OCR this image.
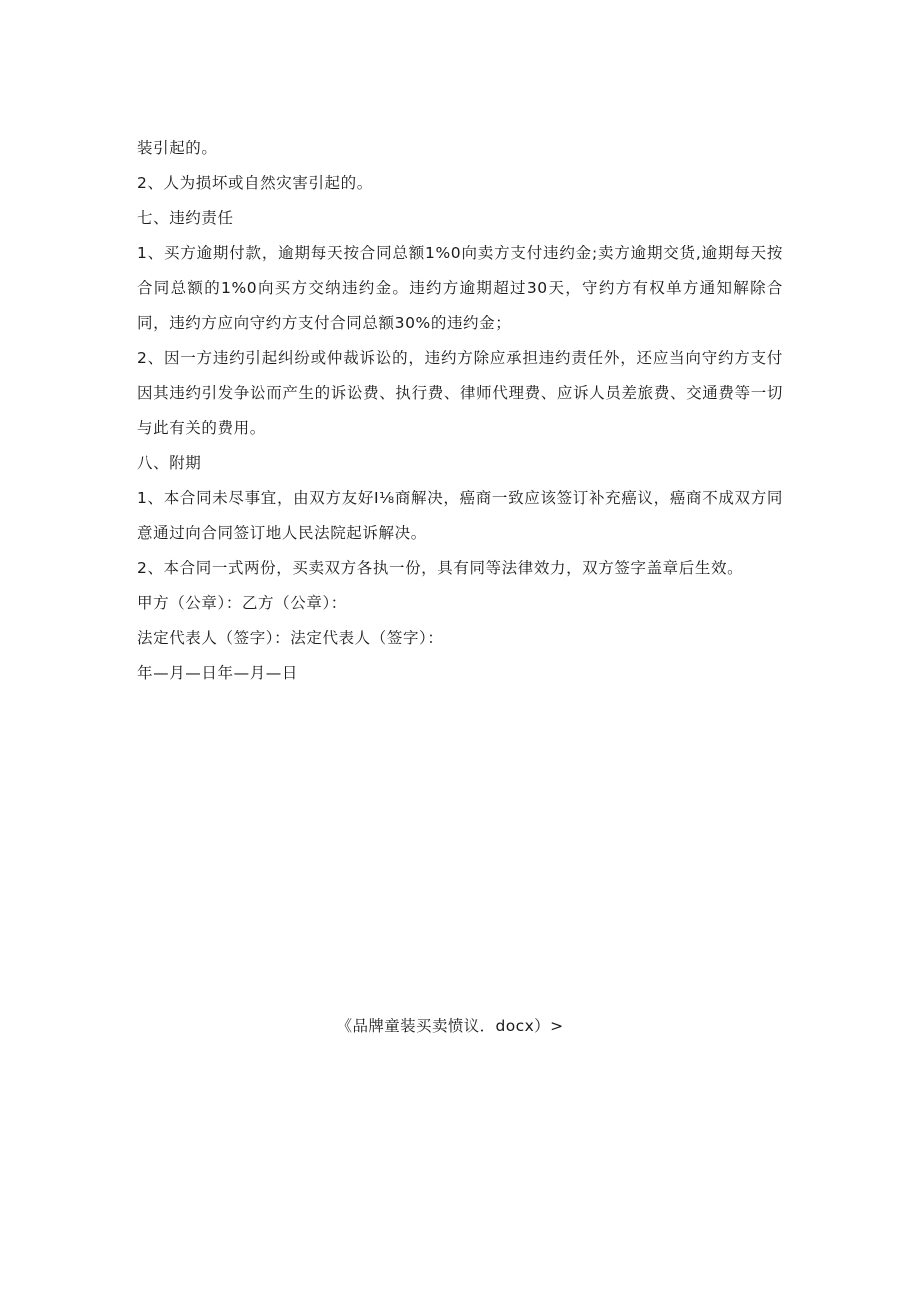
装引起的。

2、人为损坏或自然灾害引起的。

七、违约责任

1、买方逾期付款，逾期每天按合同总额1%0向卖方支付违约金;卖方逾期交货,逾期每天按合同总额的1%0向买方交纳违约金。违约方逾期超过30天，守约方有权单方通知解除合同，违约方应向守约方支付合同总额30%的违约金；

2、因一方违约引起纠纷或仲裁诉讼的，违约方除应承担违约责任外，还应当向守约方支付因其违约引发争讼而产生的诉讼费、执行费、律师代理费、应诉人员差旅费、交通费等一切与此有关的费用。

八、附期

1、本合同未尽事宜，由双方友好I⅛商解决，癌商一致应该签订补充癌议，癌商不成双方同意通过向合同签订地人民法院起诉解决。

2、本合同一式两份，买卖双方各执一份，具有同等法律效力，双方签字盖章后生效。

甲方（公章）：乙方（公章）：

法定代表人（签字）：法定代表人（签字）：

年—月—日年—月—日

《品牌童装买卖愤议．docx）>
